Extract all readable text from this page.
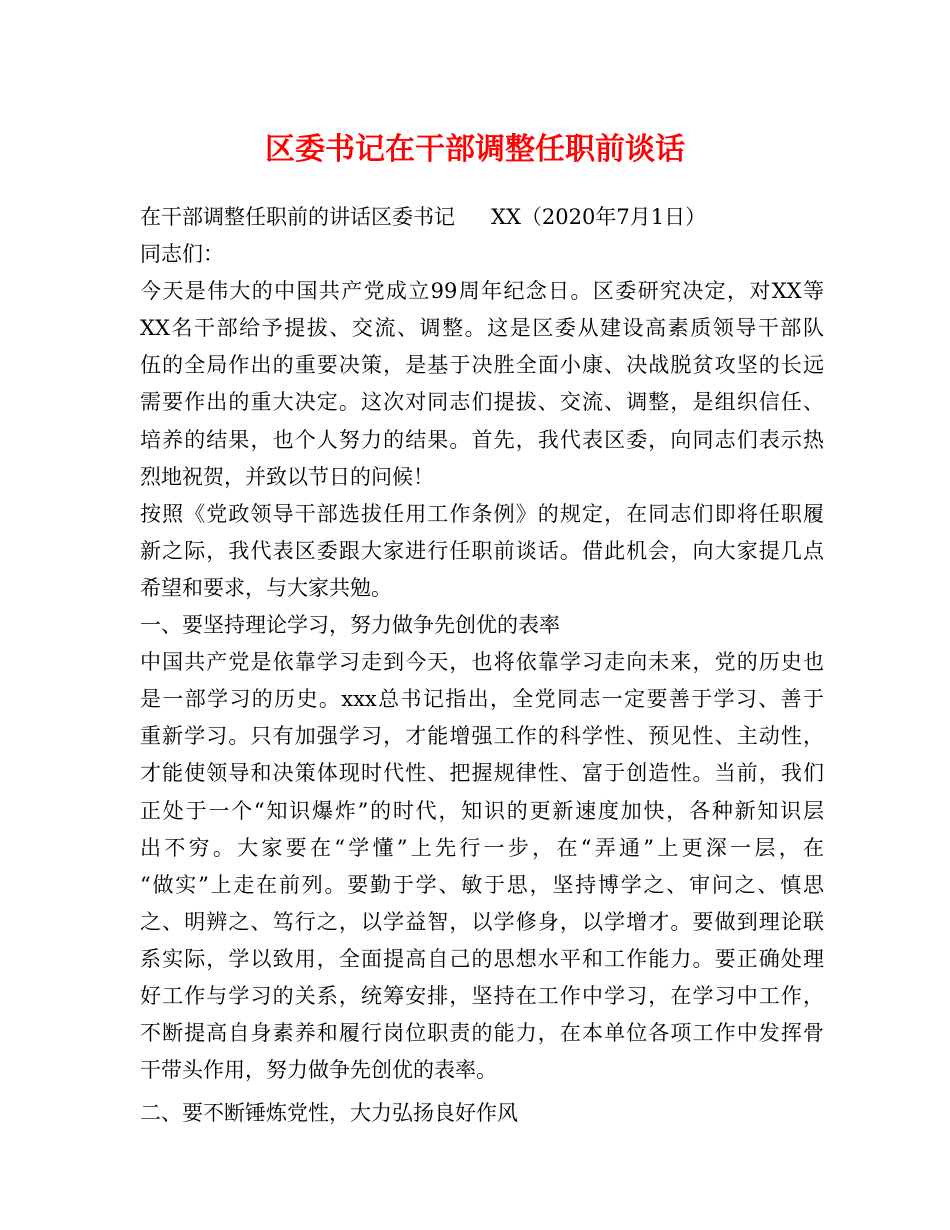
区委书记在干部调整任职前谈话
在干部调整任职前的讲话区委书记 XX（2020年7月1日）
同志们：
今天是伟大的中国共产党成立99周年纪念日。区委研究决定，对XX等
XX名干部给予提拔、交流、调整。这是区委从建设高素质领导干部队
伍的全局作出的重要决策，是基于决胜全面小康、决战脱贫攻坚的长远
需要作出的重大决定。这次对同志们提拔、交流、调整，是组织信任、
培养的结果，也个人努力的结果。首先，我代表区委，向同志们表示热
烈地祝贺，并致以节日的问候！
按照《党政领导干部选拔任用工作条例》的规定，在同志们即将任职履
新之际，我代表区委跟大家进行任职前谈话。借此机会，向大家提几点
希望和要求，与大家共勉。
一、要坚持理论学习，努力做争先创优的表率
中国共产党是依靠学习走到今天，也将依靠学习走向未来，党的历史也
是一部学习的历史。xxx总书记指出，全党同志一定要善于学习、善于
重新学习。只有加强学习，才能增强工作的科学性、预见性、主动性，
才能使领导和决策体现时代性、把握规律性、富于创造性。当前，我们
正处于一个“知识爆炸”的时代，知识的更新速度加快，各种新知识层
出不穷。大家要在“学懂”上先行一步，在“弄通”上更深一层，在
“做实”上走在前列。要勤于学、敏于思，坚持博学之、审问之、慎思
之、明辨之、笃行之，以学益智，以学修身，以学增才。要做到理论联
系实际，学以致用，全面提高自己的思想水平和工作能力。要正确处理
好工作与学习的关系，统筹安排，坚持在工作中学习，在学习中工作，
不断提高自身素养和履行岗位职责的能力，在本单位各项工作中发挥骨
干带头作用，努力做争先创优的表率。
二、要不断锤炼党性，大力弘扬良好作风
